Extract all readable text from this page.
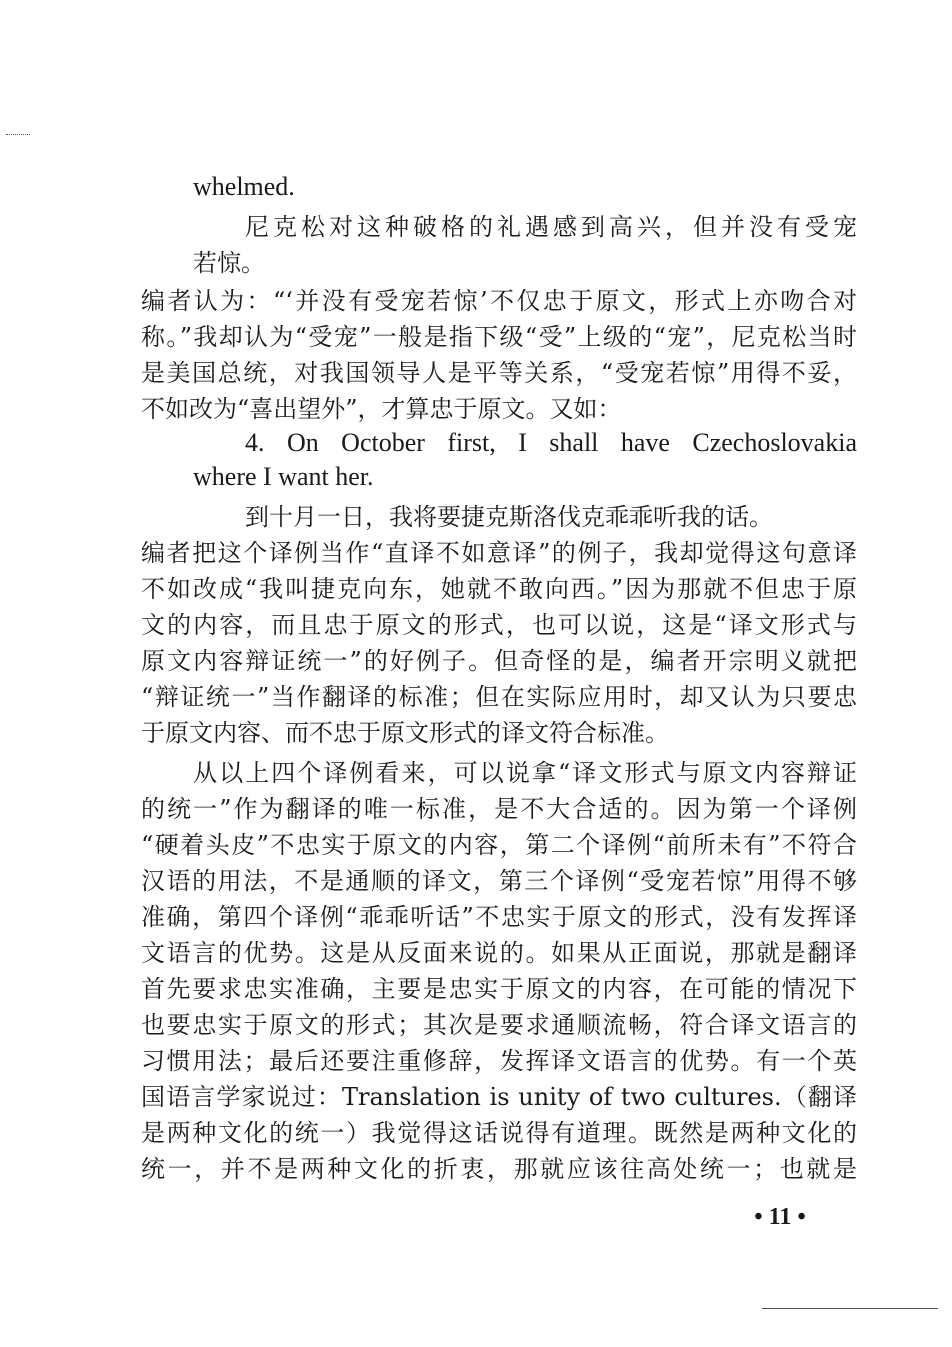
whelmed.

尼克松对这种破格的礼遇感到高兴，但并没有受宠

若惊。

编者认为：“‘并没有受宠若惊’不仅忠于原文，形式上亦吻合对

称。”我却认为“受宠”一般是指下级“受”上级的“宠”，尼克松当时

是美国总统，对我国领导人是平等关系，“受宠若惊”用得不妥，

不如改为“喜出望外”，才算忠于原文。又如：

4. On October first, I shall have Czechoslovakia

where I want her.

到十月一日，我将要捷克斯洛伐克乖乖听我的话。

编者把这个译例当作“直译不如意译”的例子，我却觉得这句意译

不如改成“我叫捷克向东，她就不敢向西。”因为那就不但忠于原

文的内容，而且忠于原文的形式，也可以说，这是“译文形式与

原文内容辩证统一”的好例子。但奇怪的是，编者开宗明义就把

“辩证统一”当作翻译的标准；但在实际应用时，却又认为只要忠

于原文内容、而不忠于原文形式的译文符合标准。

从以上四个译例看来，可以说拿“译文形式与原文内容辩证

的统一”作为翻译的唯一标准，是不大合适的。因为第一个译例

“硬着头皮”不忠实于原文的内容，第二个译例“前所未有”不符合

汉语的用法，不是通顺的译文，第三个译例“受宠若惊”用得不够

准确，第四个译例“乖乖听话”不忠实于原文的形式，没有发挥译

文语言的优势。这是从反面来说的。如果从正面说，那就是翻译

首先要求忠实准确，主要是忠实于原文的内容，在可能的情况下

也要忠实于原文的形式；其次是要求通顺流畅，符合译文语言的

习惯用法；最后还要注重修辞，发挥译文语言的优势。有一个英

国语言学家说过：Translation is unity of two cultures.（翻译

是两种文化的统一）我觉得这话说得有道理。既然是两种文化的

统一，并不是两种文化的折衷，那就应该往高处统一；也就是

• 11 •
